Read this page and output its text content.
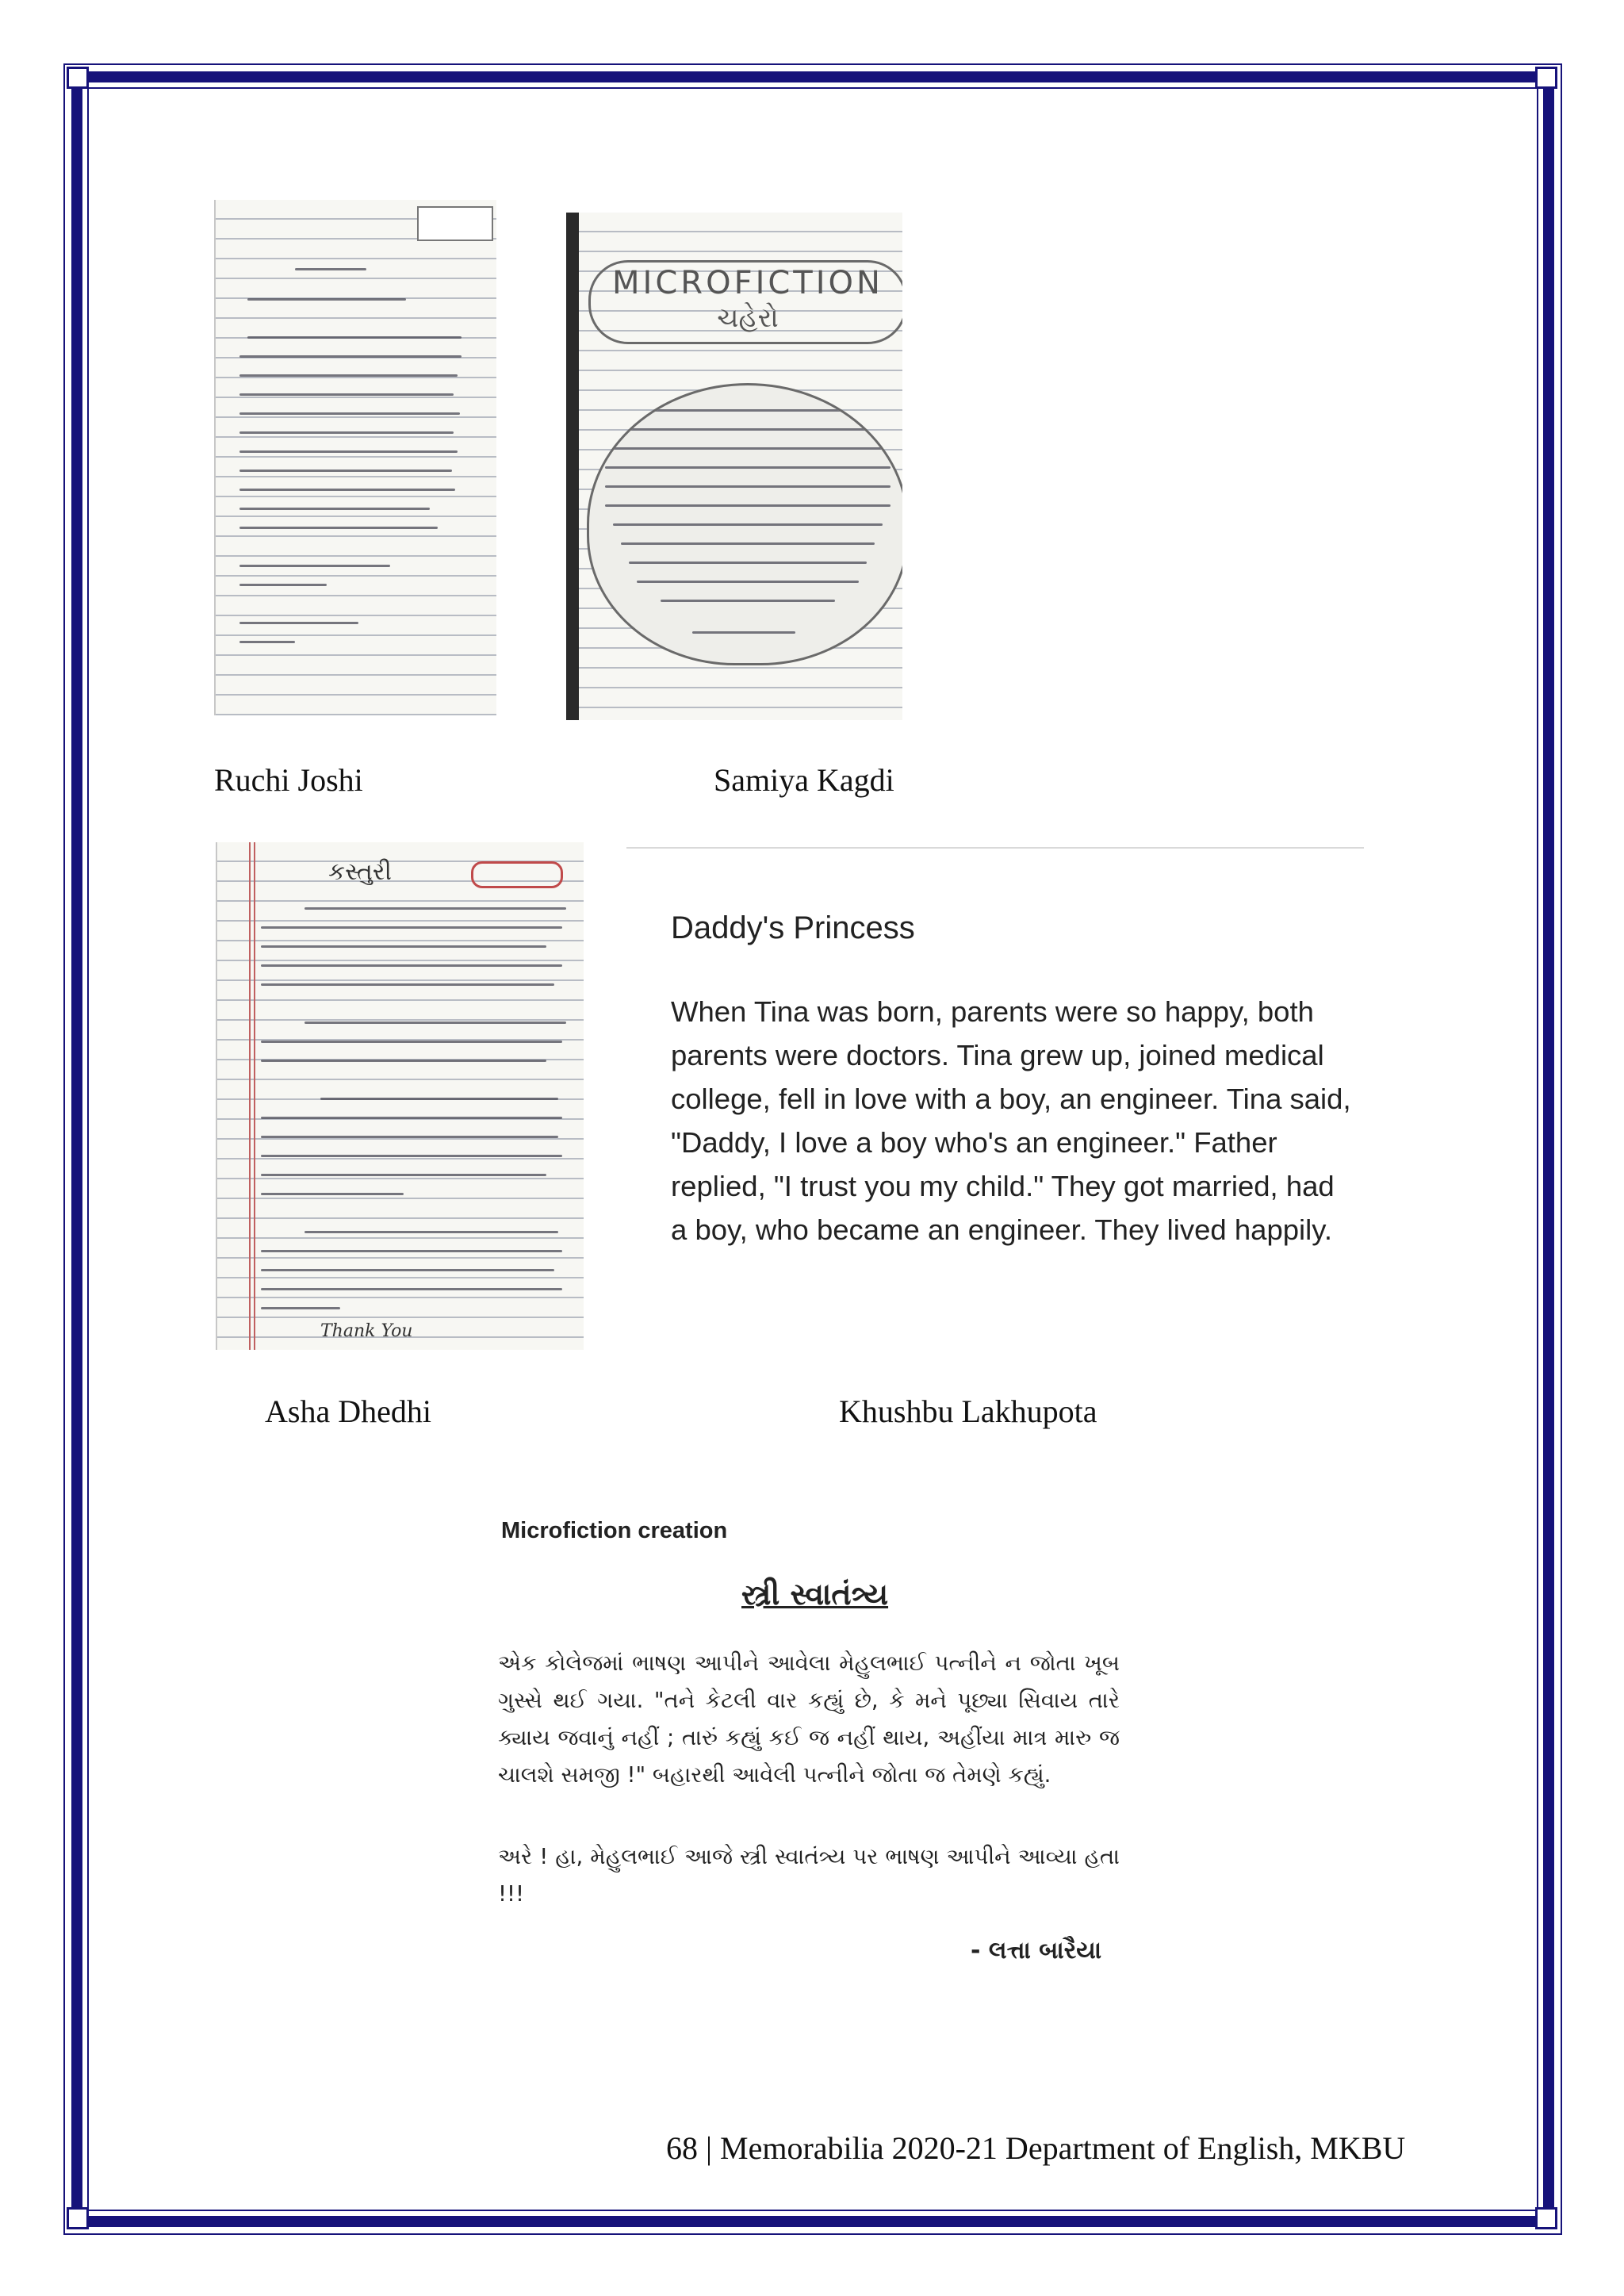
MICROFICTION
ચહેરો
Ruchi Joshi	Samiya Kagdi
કસ્તુરી
Thank You
Daddy's Princess

When Tina was born, parents were so happy, both parents were doctors. Tina grew up, joined medical college, fell in love with a boy, an engineer. Tina said, "Daddy, I love a boy who's an engineer." Father replied, "I trust you my child." They got married, had a boy, who became an engineer. They lived happily.

Asha Dhedhi	Khushbu Lakhupota
Microfiction creation
સ્ત્રી સ્વાતંત્ર્ય

એક કોલેજમાં ભાષણ આપીને આવેલા મેહુલભાઈ પત્નીને ન જોતા ખૂબ ગુસ્સે થઈ ગયા. "તને કેટલી વાર કહ્યું છે, કે મને પૂછ્યા સિવાય તારે ક્યાય જવાનું નહીં ; તારું કહ્યું કઈ જ નહીં થાય, અહીંયા માત્ર મારુ જ ચાલશે સમજી !" બહારથી આવેલી પત્નીને જોતા જ તેમણે કહ્યું.

અરે ! હા, મેહુલભાઈ આજે સ્ત્રી સ્વાતંત્ર્ય પર ભાષણ આપીને આવ્યા હતા !!!

- લત્તા બારૈયા
68 | Memorabilia 2020-21 Department of English, MKBU
